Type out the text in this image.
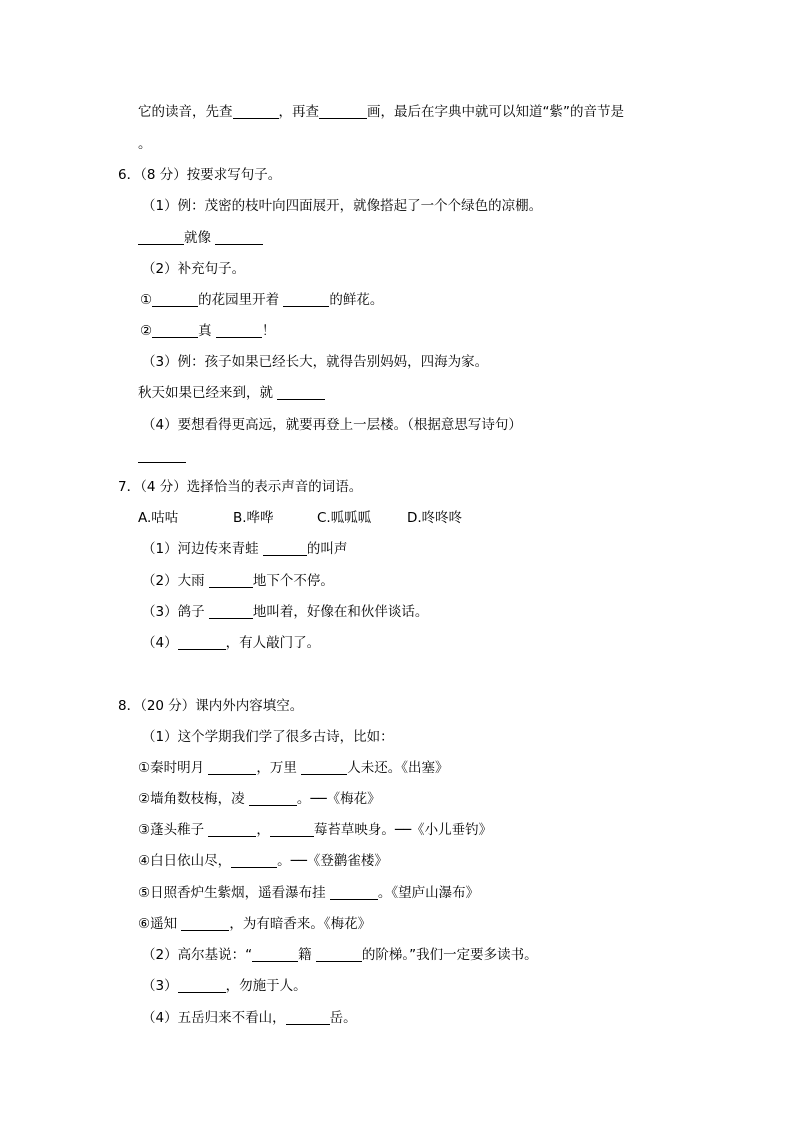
它的读音，先查	，再查	画，最后在字典中就可以知道“紫”的音节是
。
6．（8 分）按要求写句子。
（1）例：茂密的枝叶向四面展开，就像搭起了一个个绿色的凉棚。
就像
（2）补充句子。
①	的花园里开着	的鲜花。
②	真	！
（3）例：孩子如果已经长大，就得告别妈妈，四海为家。
秋天如果已经来到，就
（4）要想看得更高远，就要再登上一层楼。（根据意思写诗句）
7．（4 分）选择恰当的表示声音的词语。
A.咕咕	B.哗哗	C.呱呱呱	D.咚咚咚
（1）河边传来青蛙	的叫声
（2）大雨	地下个不停。
（3）鸽子	地叫着，好像在和伙伴谈话。
（4）	，有人敲门了。
8．（20 分）课内外内容填空。
（1）这个学期我们学了很多古诗，比如：
①秦时明月	，万里	人未还。《出塞》
②墙角数枝梅，凌	。──《梅花》
③蓬头稚子	，	莓苔草映身。──《小儿垂钓》
④白日依山尽，	。──《登鹳雀楼》
⑤日照香炉生紫烟，遥看瀑布挂	。《望庐山瀑布》
⑥遥知	，为有暗香来。《梅花》
（2）高尔基说：“	籍	的阶梯。”我们一定要多读书。
（3）	，勿施于人。
（4）五岳归来不看山，	岳。
